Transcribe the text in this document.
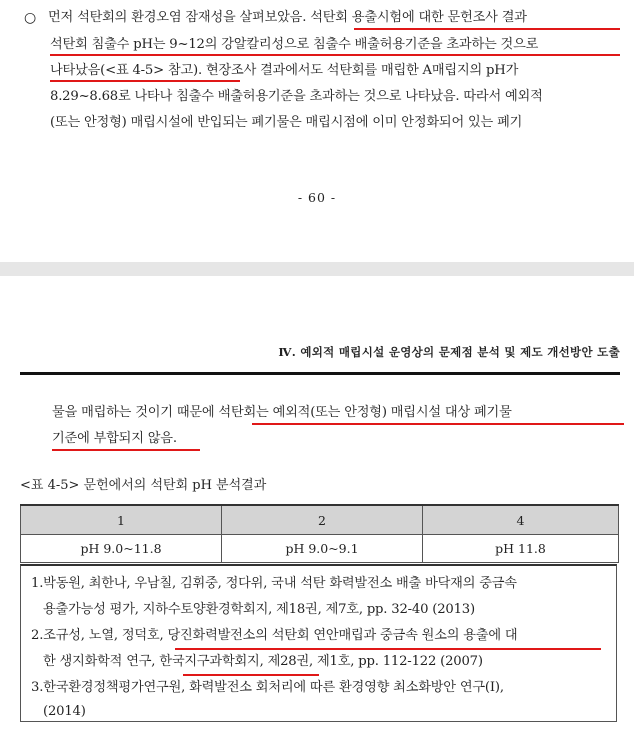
○ 먼저 석탄회의 환경오염 잠재성을 살펴보았음. 석탄회 용출시험에 대한 문헌조사 결과
석탄회 침출수 pH는 9~12의 강알칼리성으로 침출수 배출허용기준을 초과하는 것으로
나타났음(<표 4-5> 참고). 현장조사 결과에서도 석탄회를 매립한 A매립지의 pH가
8.29~8.68로 나타나 침출수 배출허용기준을 초과하는 것으로 나타났음. 따라서 예외적
(또는 안정형) 매립시설에 반입되는 폐기물은 매립시점에 이미 안정화되어 있는 폐기
- 60 -
Ⅳ. 예외적 매립시설 운영상의 문제점 분석 및 제도 개선방안 도출
물을 매립하는 것이기 때문에 석탄회는 예외적(또는 안정형) 매립시설 대상 폐기물
기준에 부합되지 않음.
<표 4-5> 문헌에서의 석탄회 pH 분석결과
1	2	4
pH 9.0~11.8	pH 9.0~9.1	pH 11.8
1.박동원, 최한나, 우남칠, 김휘중, 정다위, 국내 석탄 화력발전소 배출 바닥재의 중금속
용출가능성 평가, 지하수토양환경학회지, 제18권, 제7호, pp. 32-40 (2013)
2.조규성, 노열, 정덕호, 당진화력발전소의 석탄회 연안매립과 중금속 원소의 용출에 대
한 생지화학적 연구, 한국지구과학회지, 제28권, 제1호, pp. 112-122 (2007)
3.한국환경정책평가연구원, 화력발전소 회처리에 따른 환경영향 최소화방안 연구(Ⅰ),
(2014)
